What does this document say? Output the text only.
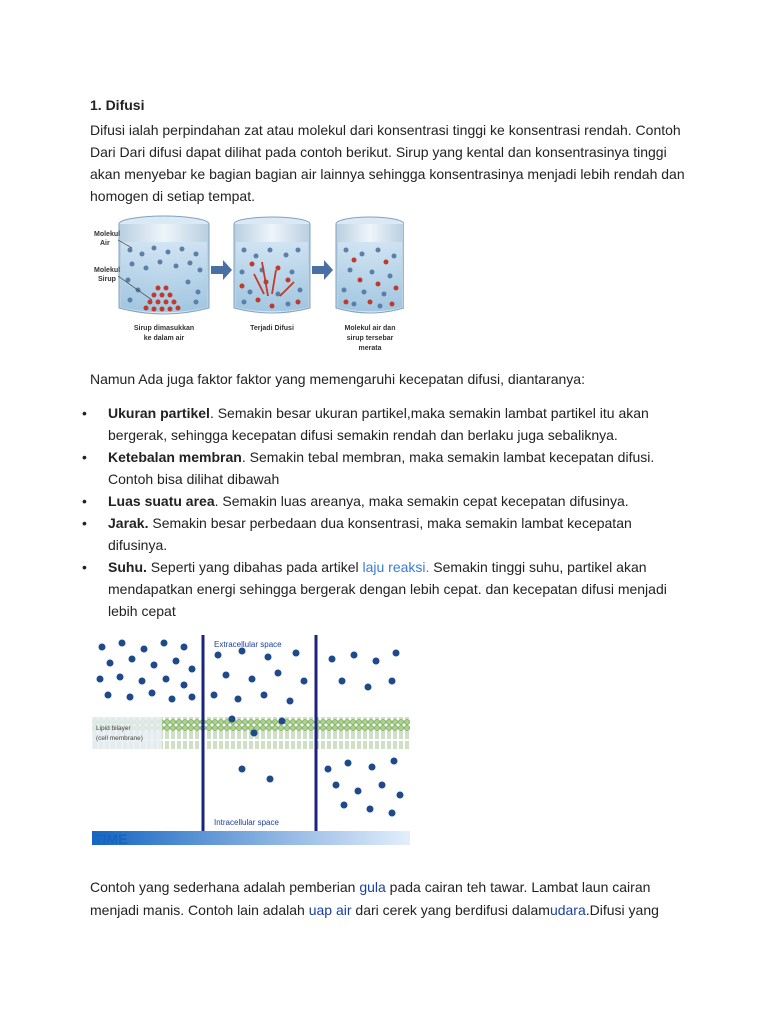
1. Difusi

Difusi ialah perpindahan zat atau molekul dari konsentrasi tinggi ke konsentrasi rendah. Contoh Dari Dari difusi dapat dilihat pada contoh berikut. Sirup yang kental dan konsentrasinya tinggi akan menyebar ke bagian bagian air lainnya sehingga konsentrasinya menjadi lebih rendah dan homogen di setiap tempat.

Molekul
Air
Molekul
Sirup
Sirup dimasukkan
ke dalam air
Terjadi Difusi	Molekul air dan
sirup tersebar
merata

Namun Ada juga faktor faktor yang memengaruhi kecepatan difusi, diantaranya:

• Ukuran partikel. Semakin besar ukuran partikel,maka semakin lambat partikel itu akan bergerak, sehingga kecepatan difusi semakin rendah dan berlaku juga sebaliknya.
• Ketebalan membran. Semakin tebal membran, maka semakin lambat kecepatan difusi. Contoh bisa dilihat dibawah
• Luas suatu area. Semakin luas areanya, maka semakin cepat kecepatan difusinya.
• Jarak. Semakin besar perbedaan dua konsentrasi, maka semakin lambat kecepatan difusinya.
• Suhu. Seperti yang dibahas pada artikel laju reaksi. Semakin tinggi suhu, partikel akan mendapatkan energi sehingga bergerak dengan lebih cepat. dan kecepatan difusi menjadi lebih cepat
Extracellular space
Intracellular space
Lipid bilayer
(cell membrane)
TIME

Contoh yang sederhana adalah pemberian gula pada cairan teh tawar. Lambat laun cairan menjadi manis. Contoh lain adalah uap air dari cerek yang berdifusi dalamudara.Difusi yang
